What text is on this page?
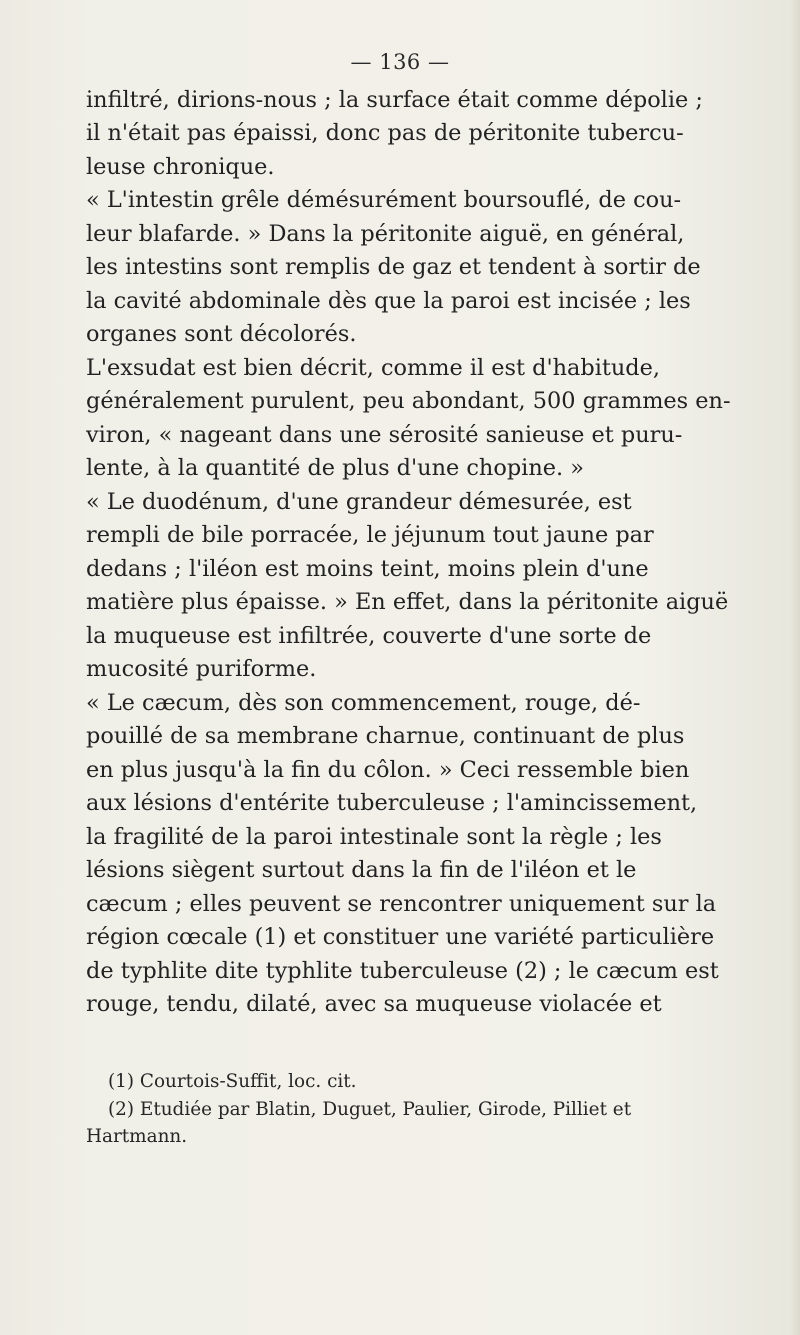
— 136 —
infiltré, dirions-nous ; la surface était comme dépolie ;
il n'était pas épaissi, donc pas de péritonite tubercu-
leuse chronique.
« L'intestin grêle démésurément boursouflé, de cou-
leur blafarde. » Dans la péritonite aiguë, en général,
les intestins sont remplis de gaz et tendent à sortir de
la cavité abdominale dès que la paroi est incisée ; les
organes sont décolorés.
L'exsudat est bien décrit, comme il est d'habitude,
généralement purulent, peu abondant, 500 grammes en-
viron, « nageant dans une sérosité sanieuse et puru-
lente, à la quantité de plus d'une chopine. »
« Le duodénum, d'une grandeur démesurée, est
rempli de bile porracée, le jéjunum tout jaune par
dedans ; l'iléon est moins teint, moins plein d'une
matière plus épaisse. » En effet, dans la péritonite aiguë
la muqueuse est infiltrée, couverte d'une sorte de
mucosité puriforme.
« Le cæcum, dès son commencement, rouge, dé-
pouillé de sa membrane charnue, continuant de plus
en plus jusqu'à la fin du côlon. » Ceci ressemble bien
aux lésions d'entérite tuberculeuse ; l'amincissement,
la fragilité de la paroi intestinale sont la règle ; les
lésions siègent surtout dans la fin de l'iléon et le
cæcum ; elles peuvent se rencontrer uniquement sur la
région cœcale (1) et constituer une variété particulière
de typhlite dite typhlite tuberculeuse (2) ; le cæcum est
rouge, tendu, dilaté, avec sa muqueuse violacée et
(1) Courtois-Suffit, loc. cit.
(2) Etudiée par Blatin, Duguet, Paulier, Girode, Pilliet et
Hartmann.
